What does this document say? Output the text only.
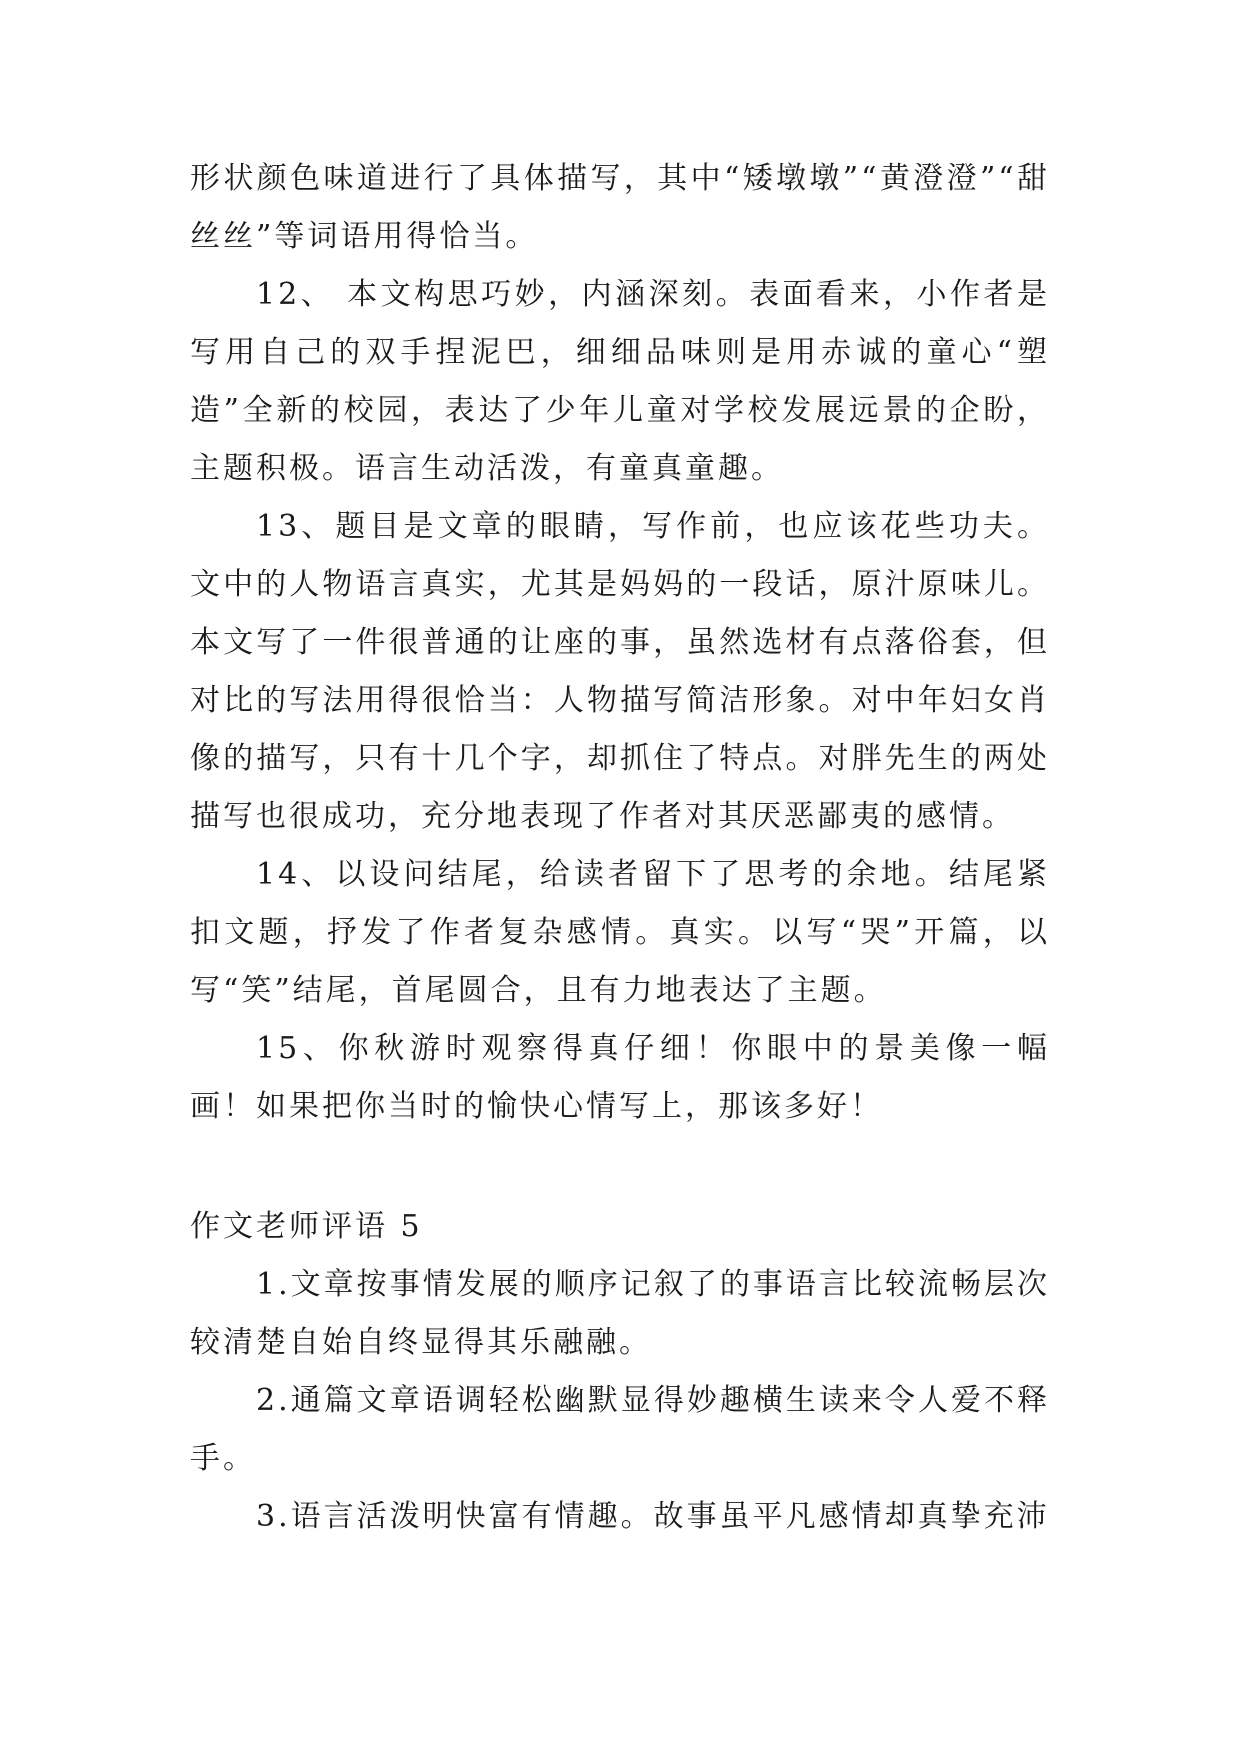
形状颜色味道进行了具体描写，其中“矮墩墩”“黄澄澄”“甜丝丝”等词语用得恰当。

12、 本文构思巧妙，内涵深刻。表面看来，小作者是写用自己的双手捏泥巴，细细品味则是用赤诚的童心“塑造”全新的校园，表达了少年儿童对学校发展远景的企盼，主题积极。语言生动活泼，有童真童趣。

13、题目是文章的眼睛，写作前，也应该花些功夫。文中的人物语言真实，尤其是妈妈的一段话，原汁原味儿。本文写了一件很普通的让座的事，虽然选材有点落俗套，但对比的写法用得很恰当：人物描写简洁形象。对中年妇女肖像的描写，只有十几个字，却抓住了特点。对胖先生的两处描写也很成功，充分地表现了作者对其厌恶鄙夷的感情。

14、以设问结尾，给读者留下了思考的余地。结尾紧扣文题，抒发了作者复杂感情。真实。以写“哭”开篇，以写“笑”结尾，首尾圆合，且有力地表达了主题。

15、你秋游时观察得真仔细！你眼中的景美像一幅画！如果把你当时的愉快心情写上，那该多好！

作文老师评语 5

1.文章按事情发展的顺序记叙了的事语言比较流畅层次较清楚自始自终显得其乐融融。

2.通篇文章语调轻松幽默显得妙趣横生读来令人爱不释手。

3.语言活泼明快富有情趣。故事虽平凡感情却真挚充沛
